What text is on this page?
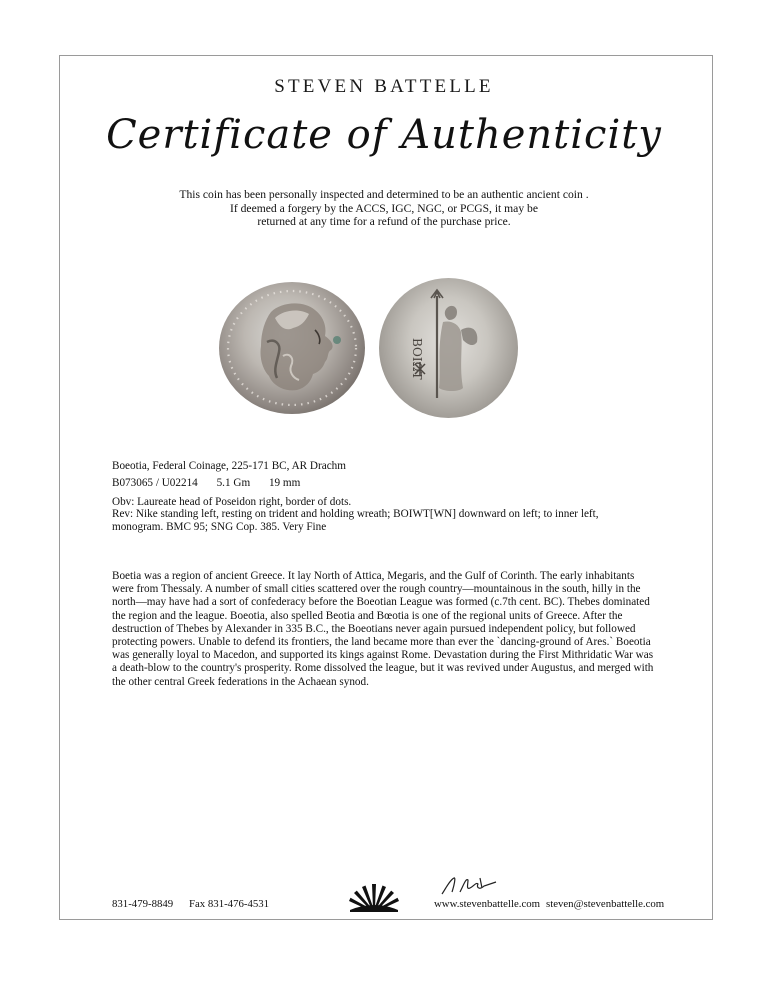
STEVEN BATTELLE
Certificate of Authenticity
This coin has been personally inspected and determined to be an authentic ancient coin .
If deemed a forgery by the ACCS, IGC, NGC, or PCGS, it may be
returned at any time for a refund of the purchase price.
BOIΩT
Boeotia, Federal Coinage, 225-171 BC, AR Drachm
B073065 / U02214 5.1 Gm 19 mm
Obv: Laureate head of Poseidon right, border of dots.
Rev: Nike standing left, resting on trident and holding wreath; BOIWT[WN] downward on left; to inner left, monogram. BMC 95; SNG Cop. 385. Very Fine
Boetia was a region of ancient Greece. It lay North of Attica, Megaris, and the Gulf of Corinth. The early inhabitants were from Thessaly. A number of small cities scattered over the rough country—mountainous in the south, hilly in the north—may have had a sort of confederacy before the Boeotian League was formed (c.7th cent. BC). Thebes dominated the region and the league. Boeotia, also spelled Beotia and Bœotia is one of the regional units of Greece. After the destruction of Thebes by Alexander in 335 B.C., the Boeotians never again pursued independent policy, but followed protecting powers. Unable to defend its frontiers, the land became more than ever the `dancing-ground of Ares.` Boeotia was generally loyal to Macedon, and supported its kings against Rome. Devastation during the First Mithridatic War was a death-blow to the country's prosperity. Rome dissolved the league, but it was revived under Augustus, and merged with the other central Greek federations in the Achaean synod.
831-479-8849 Fax 831-476-4531	www.stevenbattelle.com steven@stevenbattelle.com
